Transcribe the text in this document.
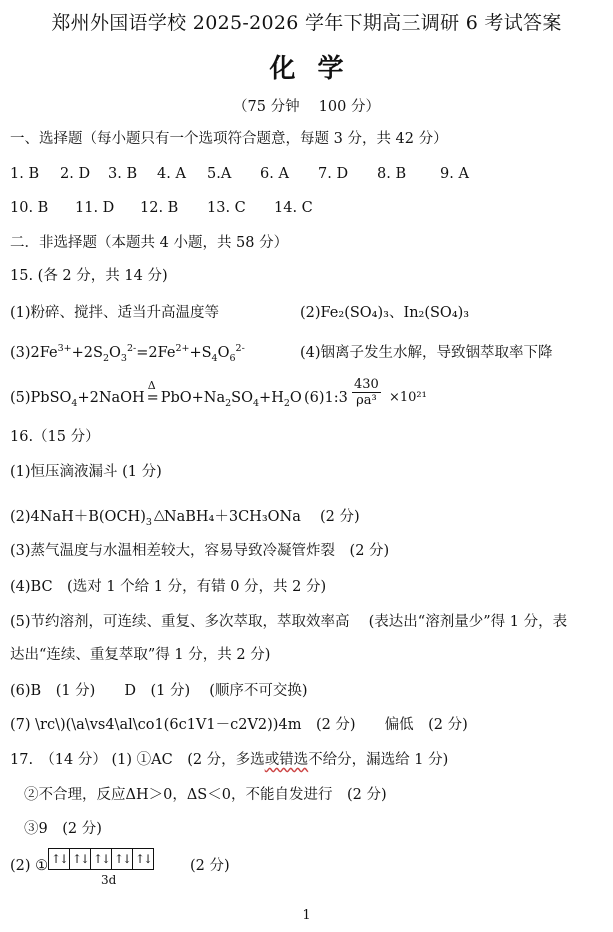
郑州外国语学校 2025-2026 学年下期高三调研 6 考试答案
化学
（75 分钟　 100 分）
一、选择题（每小题只有一个选项符合题意，每题 3 分，共 42 分）
1. B 2. D 3. B 4. A 5.A 6. A 7. D 8. B 9. A
10. B 11. D 12. B 13. C 14. C
二．非选择题（本题共 4 小题，共 58 分）
15. (各 2 分，共 14 分)
(1)粉碎、搅拌、适当升高温度等	(2)Fe₂(SO₄)₃、In₂(SO₄)₃
$(3)2Fe^{3+}+2S_2O_3^{2-}=2Fe^{2+}+S_4O_6^{2-}$	(4)铟离子发生水解，导致铟萃取率下降
(5)PbSO$_4$+2NaOH
Δ
= $PbO+Na_2SO_4+H_2O$ (6)1:3 $\frac{430}{\text{ρa³}} \times 10^{21}$
16.（15 分）
(1)恒压滴液漏斗 (1 分)
$(2)4NaH+B(OCH)_3$ △ NaBH₄＋3CH₃ONa　 (2 分)
(3)蒸气温度与水温相差较大，容易导致冷凝管炸裂　(2 分)
(4)BC　(选对 1 个给 1 分，有错 0 分，共 2 分)
(5)节约溶剂，可连续、重复、多次萃取，萃取效率高　 (表达出“溶剂量少”得 1 分，表
达出“连续、重复萃取”得 1 分，共 2 分)
(6)B　(1 分)　　D　(1 分)　 (顺序不可交换)
(7) \rc\)(\a\vs4\al\co1(6c1V1－c2V2))4m　(2 分)　　偏低　(2 分)
17.　（14 分） (1) ①AC　(2 分，多选或错选不给分，漏选给 1 分)
②不合理，反应ΔH＞0，ΔS＜0，不能自发进行　(2 分)
③9　(2 分)
(2) ① ↑↓ ↑↓ ↑↓ ↑↓ ↑↓
3d
(2 分)
1
